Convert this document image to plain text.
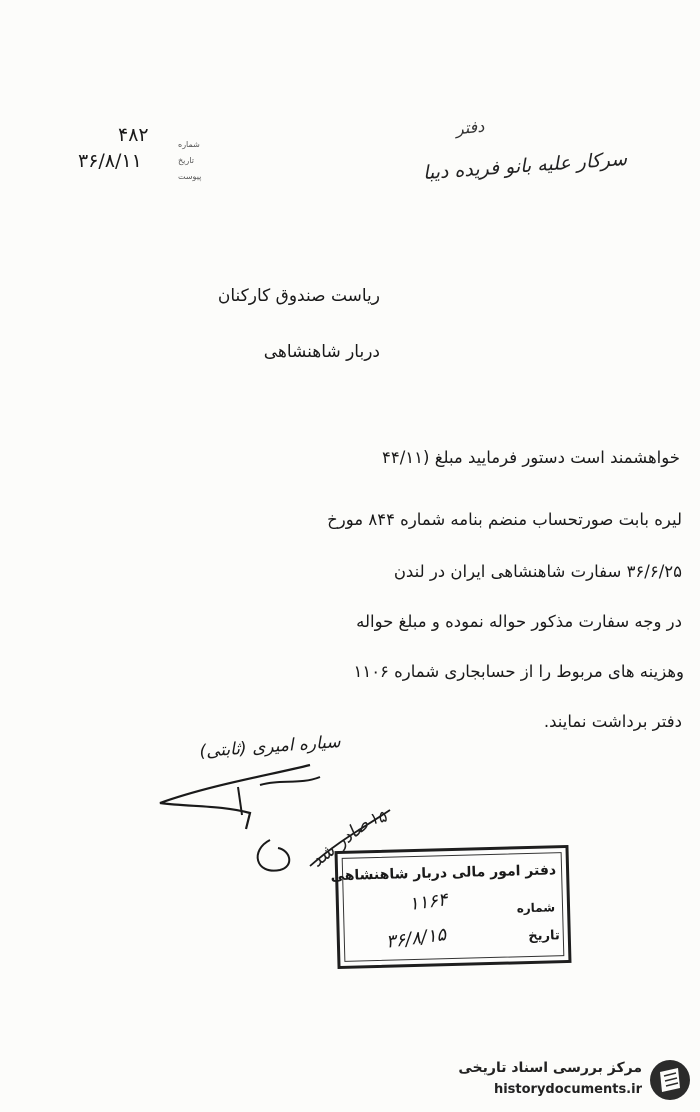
دفتر
سرکار علیه بانو فریده دیبا
۴۸۲	شماره
تاریخ
پیوست
۳۶/۸/۱۱
ریاست صندوق کارکنان
دربار شاهنشاهی
خواهشمند است دستور فرمایید مبلغ (۴۴/۱۱
لیره بابت صورتحساب منضم بنامه شماره ۸۴۴ مورخ
۳۶/۶/۲۵ سفارت شاهنشاهی ایران در لندن
در وجه سفارت مذکور حواله نموده و مبلغ حواله
وهزینه های مربوط را از حسابجاری شماره ۱۱۰۶
دفتر برداشت نمایند.
سیاره امیری (ثابتی)
صادر شد
۱۵
دفتر امور مالی دربار شاهنشاهی
شماره
۱۱۶۴
تاریخ
۳۶/۸/۱۵
مرکز بررسی اسناد تاریخی
historydocuments.ir
